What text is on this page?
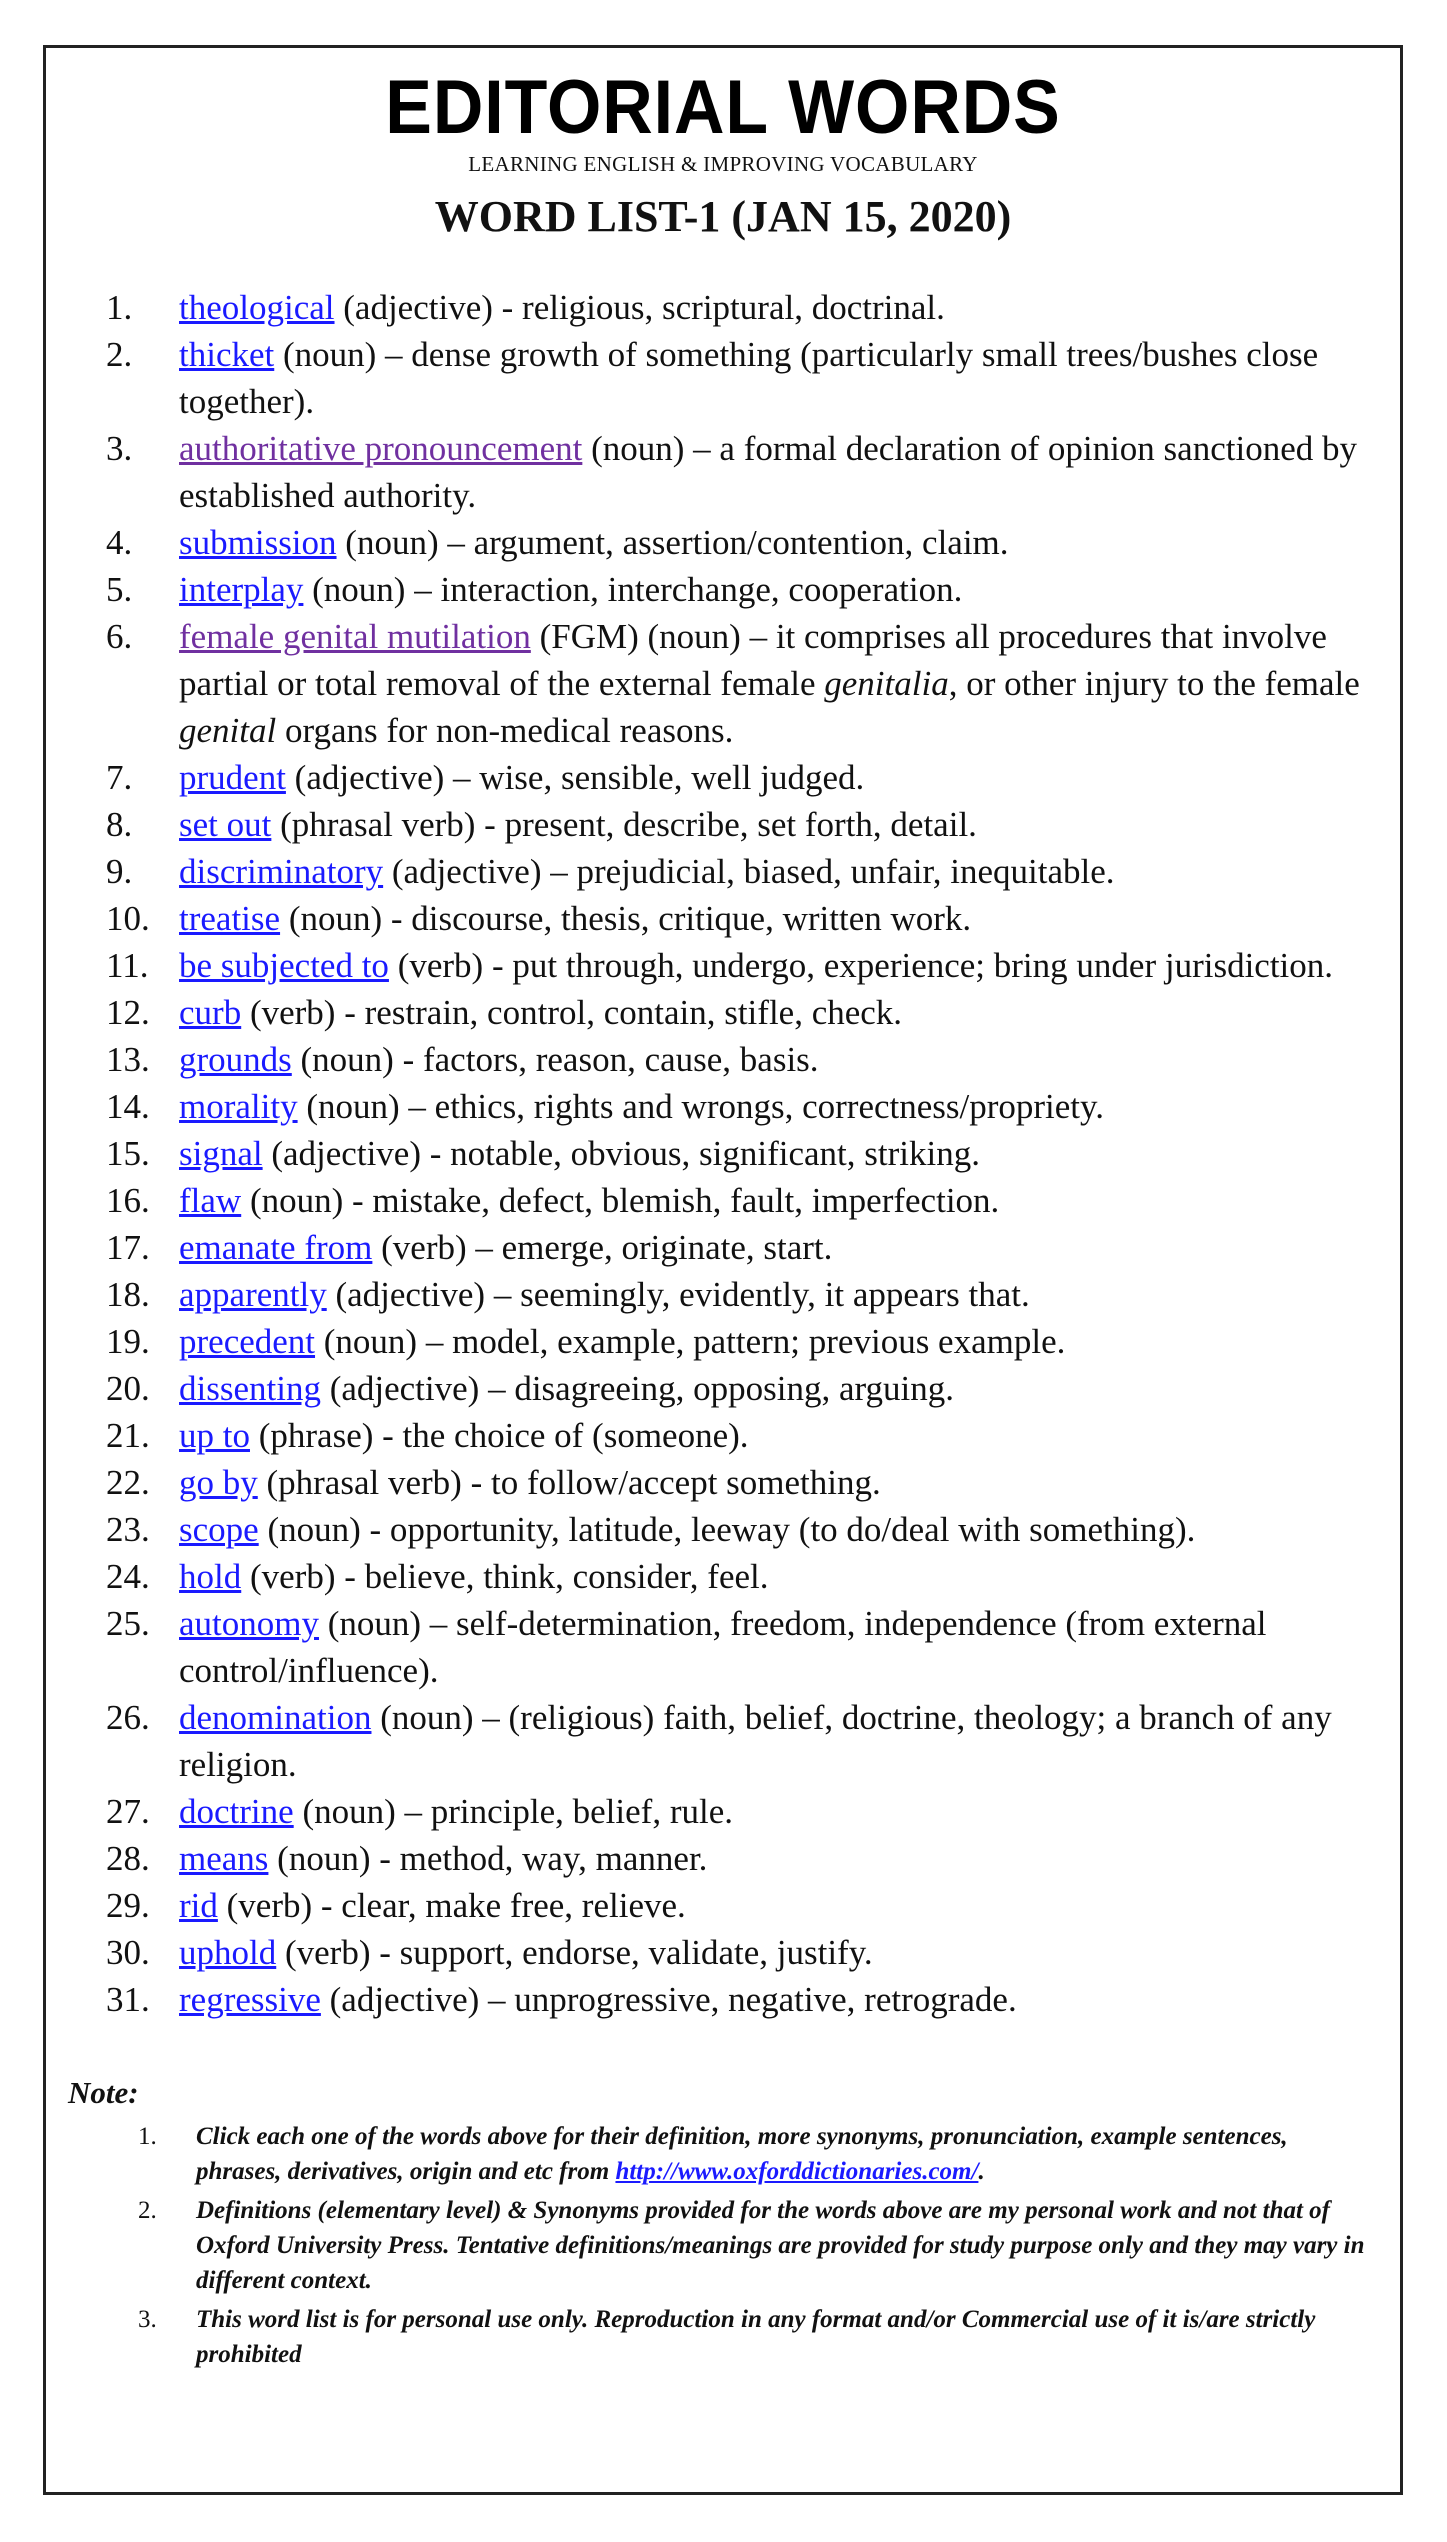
EDITORIAL WORDS
LEARNING ENGLISH & IMPROVING VOCABULARY
WORD LIST-1 (JAN 15, 2020)
1.	theological (adjective) - religious, scriptural, doctrinal.
2.	thicket (noun) – dense growth of something (particularly small trees/bushes close together).
3.	authoritative pronouncement (noun) – a formal declaration of opinion sanctioned by established authority.
4.	submission (noun) – argument, assertion/contention, claim.
5.	interplay (noun) – interaction, interchange, cooperation.
6.	female genital mutilation (FGM) (noun) – it comprises all procedures that involve partial or total removal of the external female genitalia, or other injury to the female genital organs for non-medical reasons.
7.	prudent (adjective) – wise, sensible, well judged.
8.	set out (phrasal verb) - present, describe, set forth, detail.
9.	discriminatory (adjective) – prejudicial, biased, unfair, inequitable.
10. treatise (noun) - discourse, thesis, critique, written work.
11. be subjected to (verb) - put through, undergo, experience; bring under jurisdiction.
12. curb (verb) - restrain, control, contain, stifle, check.
13. grounds (noun) - factors, reason, cause, basis.
14. morality (noun) – ethics, rights and wrongs, correctness/propriety.
15. signal (adjective) - notable, obvious, significant, striking.
16. flaw (noun) - mistake, defect, blemish, fault, imperfection.
17. emanate from (verb) – emerge, originate, start.
18. apparently (adjective) – seemingly, evidently, it appears that.
19. precedent (noun) – model, example, pattern; previous example.
20. dissenting (adjective) – disagreeing, opposing, arguing.
21. up to (phrase) - the choice of (someone).
22. go by (phrasal verb) - to follow/accept something.
23. scope (noun) - opportunity, latitude, leeway (to do/deal with something).
24. hold (verb) - believe, think, consider, feel.
25. autonomy (noun) – self-determination, freedom, independence (from external control/influence).
26. denomination (noun) – (religious) faith, belief, doctrine, theology; a branch of any religion.
27. doctrine (noun) – principle, belief, rule.
28. means (noun) - method, way, manner.
29. rid (verb) - clear, make free, relieve.
30. uphold (verb) - support, endorse, validate, justify.
31. regressive (adjective) – unprogressive, negative, retrograde.
Note:
1. Click each one of the words above for their definition, more synonyms, pronunciation, example sentences, phrases, derivatives, origin and etc from http://www.oxforddictionaries.com/.
2. Definitions (elementary level) & Synonyms provided for the words above are my personal work and not that of Oxford University Press. Tentative definitions/meanings are provided for study purpose only and they may vary in different context.
3. This word list is for personal use only. Reproduction in any format and/or Commercial use of it is/are strictly prohibited
